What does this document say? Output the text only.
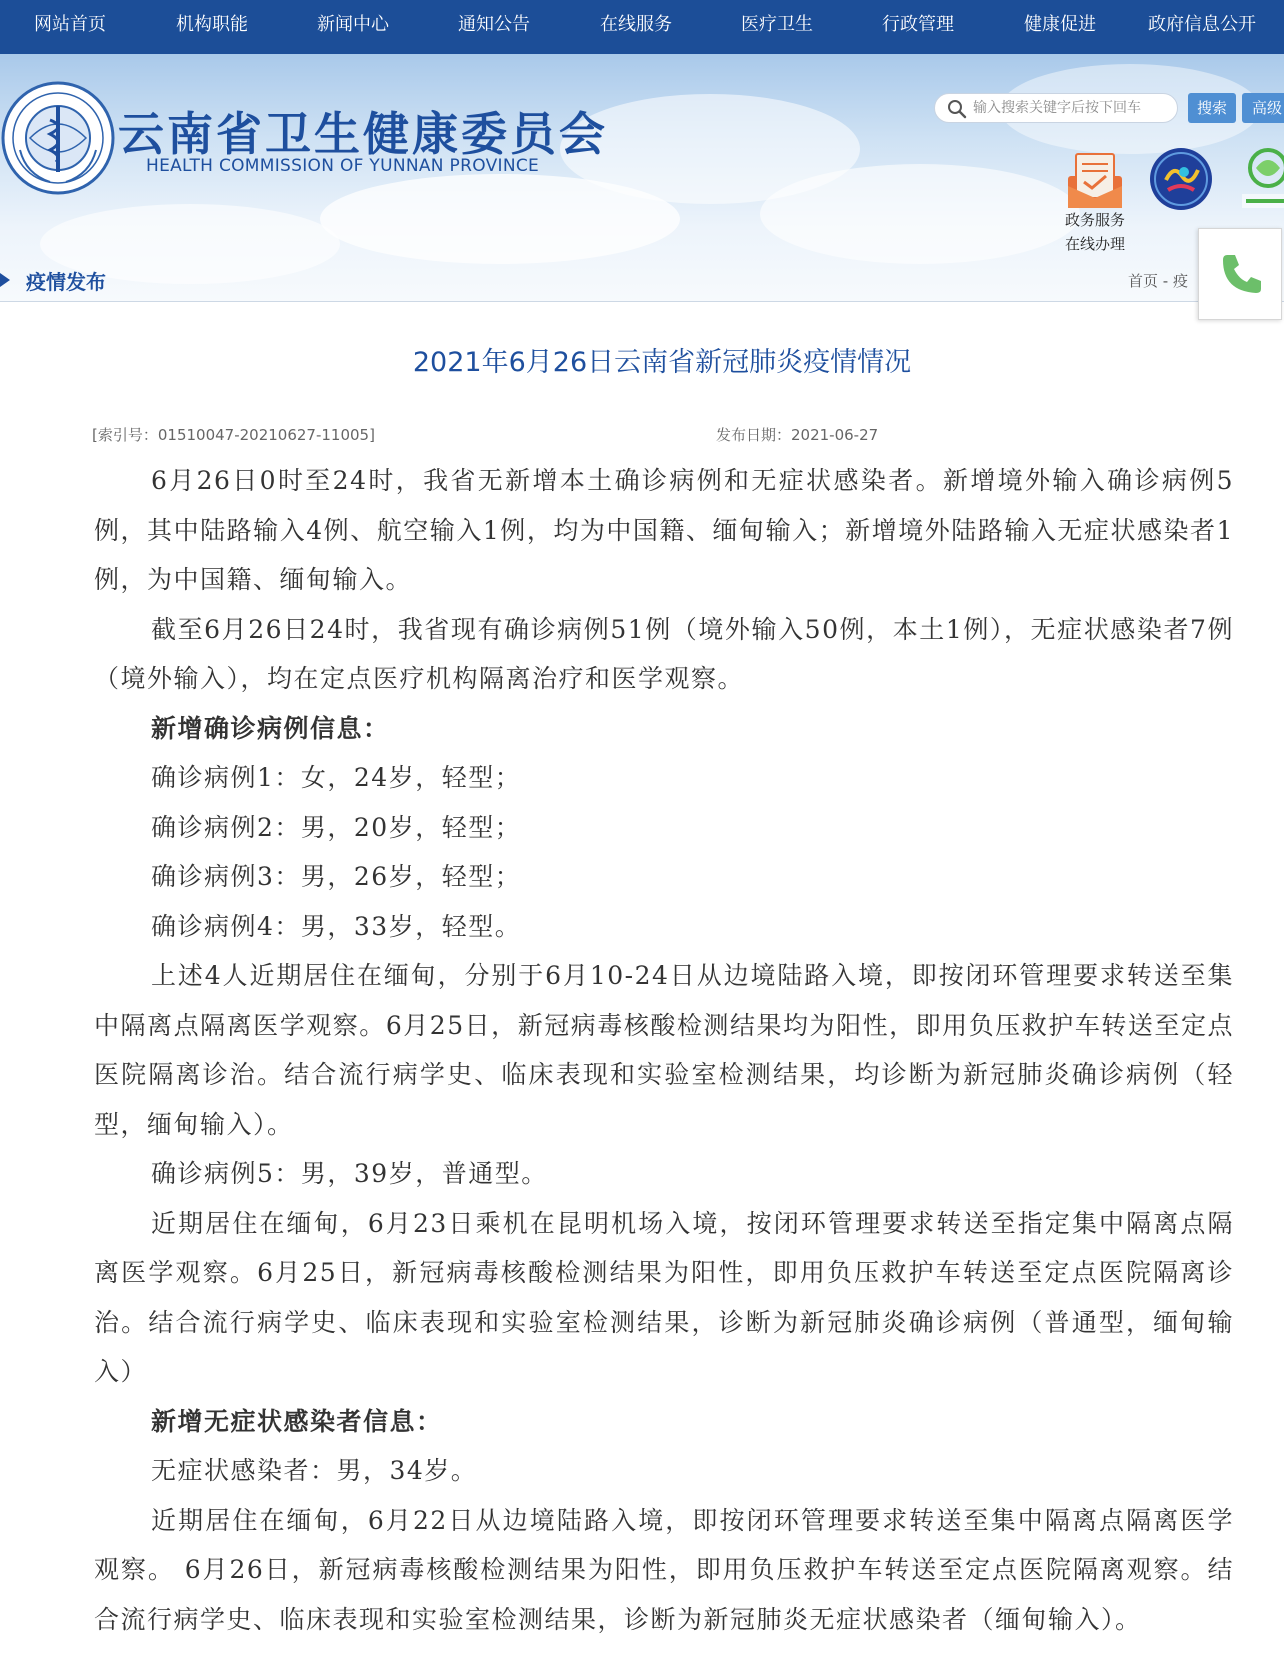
网站首页	机构职能	新闻中心	通知公告	在线服务	医疗卫生	行政管理	健康促进	政府信息公开
云南省卫生健康委员会
HEALTH COMMISSION OF YUNNAN PROVINCE
输入搜索关键字后按下回车
搜索	高级
政务服务
在线办理
疫情发布	首页 - 疫
2021年6月26日云南省新冠肺炎疫情情况
[索引号：01510047-20210627-11005]	发布日期：2021-06-27

6月26日0时至24时，我省无新增本土确诊病例和无症状感染者。新增境外输入确诊病例5例，其中陆路输入4例、航空输入1例，均为中国籍、缅甸输入；新增境外陆路输入无症状感染者1例，为中国籍、缅甸输入。

截至6月26日24时，我省现有确诊病例51例（境外输入50例，本土1例），无症状感染者7例（境外输入），均在定点医疗机构隔离治疗和医学观察。

新增确诊病例信息：

确诊病例1：女，24岁，轻型；

确诊病例2：男，20岁，轻型；

确诊病例3：男，26岁，轻型；

确诊病例4：男，33岁，轻型。

上述4人近期居住在缅甸，分别于6月10-24日从边境陆路入境，即按闭环管理要求转送至集中隔离点隔离医学观察。6月25日，新冠病毒核酸检测结果均为阳性，即用负压救护车转送至定点医院隔离诊治。结合流行病学史、临床表现和实验室检测结果，均诊断为新冠肺炎确诊病例（轻型，缅甸输入）。

确诊病例5：男，39岁，普通型。

近期居住在缅甸，6月23日乘机在昆明机场入境，按闭环管理要求转送至指定集中隔离点隔离医学观察。6月25日，新冠病毒核酸检测结果为阳性，即用负压救护车转送至定点医院隔离诊治。结合流行病学史、临床表现和实验室检测结果，诊断为新冠肺炎确诊病例（普通型，缅甸输入）

新增无症状感染者信息：

无症状感染者：男，34岁。

近期居住在缅甸，6月22日从边境陆路入境，即按闭环管理要求转送至集中隔离点隔离医学观察。 6月26日，新冠病毒核酸检测结果为阳性，即用负压救护车转送至定点医院隔离观察。结合流行病学史、临床表现和实验室检测结果，诊断为新冠肺炎无症状感染者（缅甸输入）。
